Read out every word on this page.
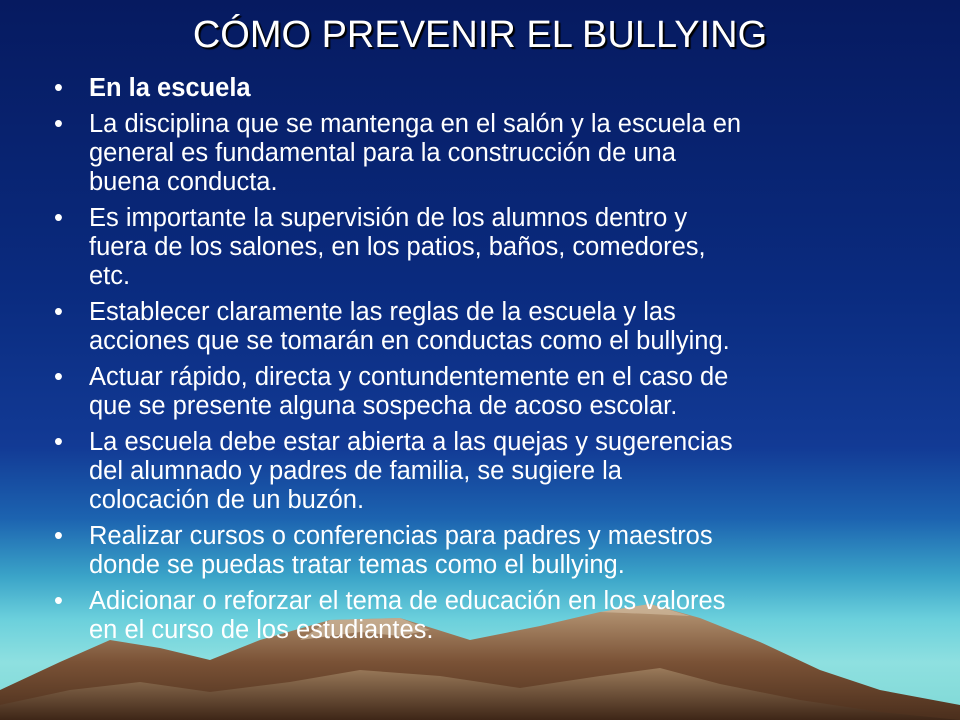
CÓMO PREVENIR EL BULLYING
• En la escuela
• La disciplina que se mantenga en el salón y la escuela en
general es fundamental para la construcción de una
buena conducta.
• Es importante la supervisión de los alumnos dentro y
fuera de los salones, en los patios, baños, comedores,
etc.
• Establecer claramente las reglas de la escuela y las
acciones que se tomarán en conductas como el bullying.
• Actuar rápido, directa y contundentemente en el caso de
que se presente alguna sospecha de acoso escolar.
• La escuela debe estar abierta a las quejas y sugerencias
del alumnado y padres de familia, se sugiere la
colocación de un buzón.
• Realizar cursos o conferencias para padres y maestros
donde se puedas tratar temas como el bullying.
• Adicionar o reforzar el tema de educación en los valores
en el curso de los estudiantes.
